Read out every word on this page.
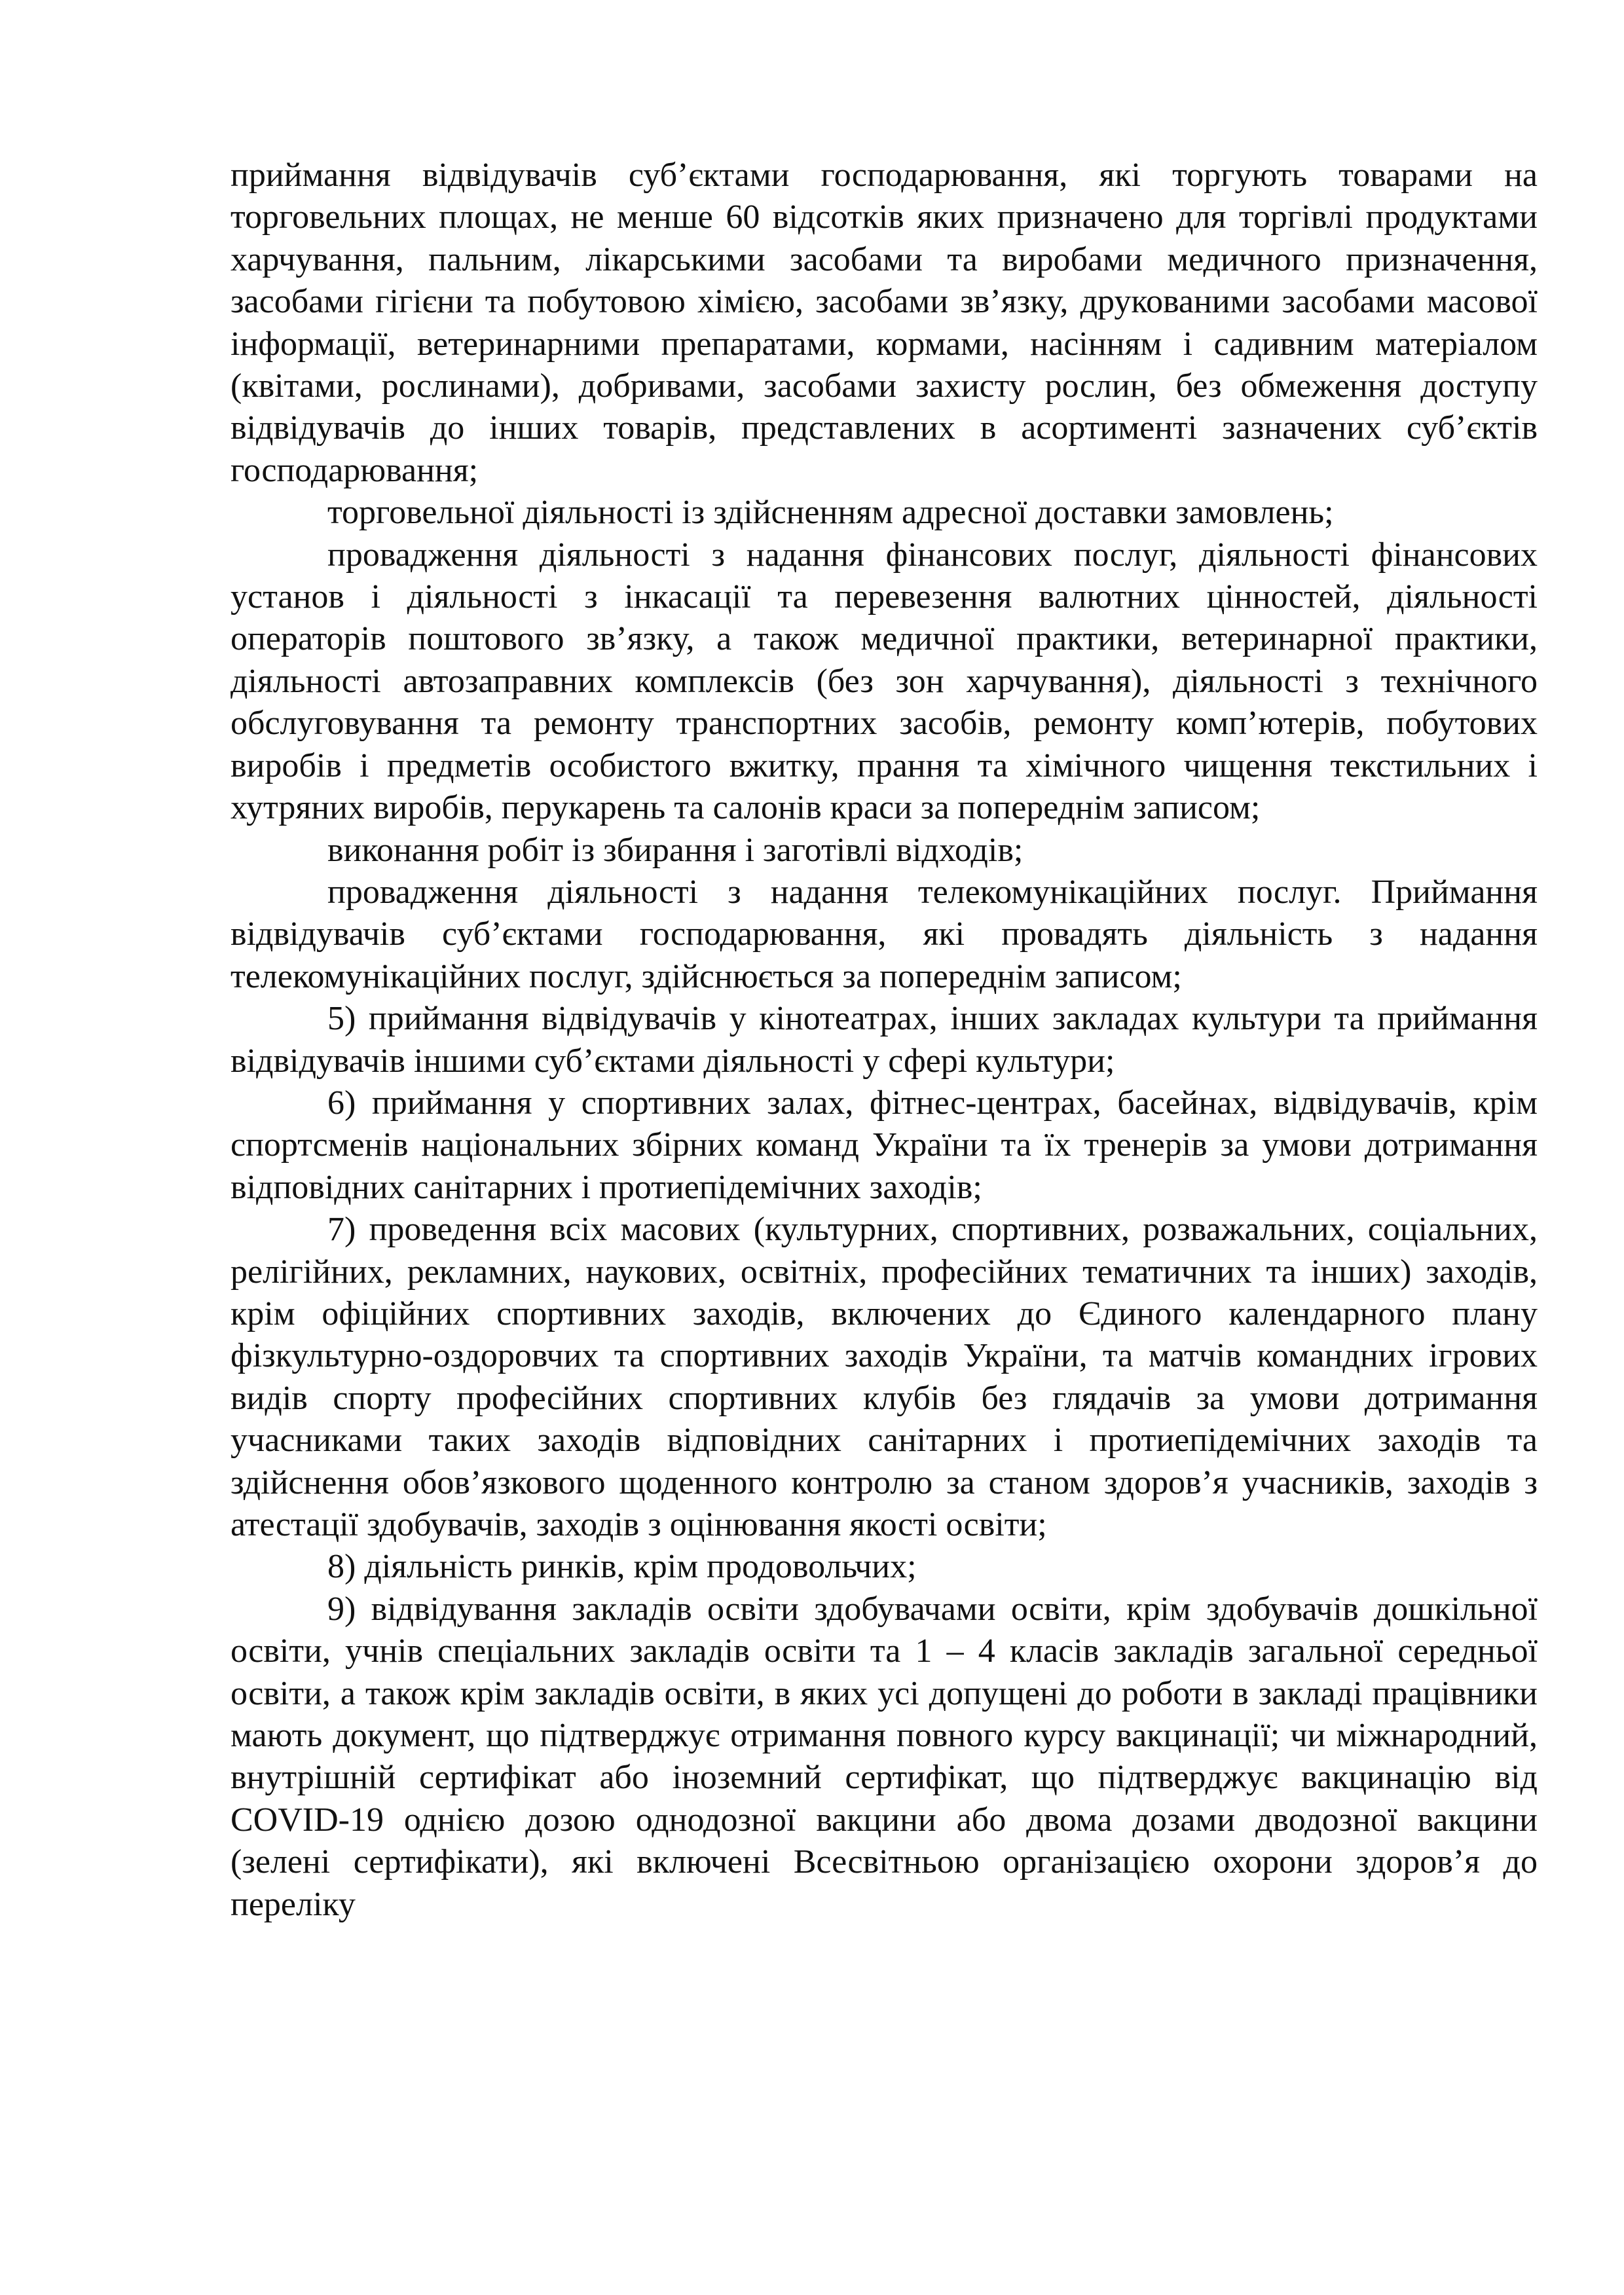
приймання відвідувачів суб’єктами господарювання, які торгують товарами на торговельних площах, не менше 60 відсотків яких призначено для торгівлі продуктами харчування, пальним, лікарськими засобами та виробами медичного призначення, засобами гігієни та побутовою хімією, засобами зв’язку, друкованими засобами масової інформації, ветеринарними препаратами, кормами, насінням і садивним матеріалом (квітами, рослинами), добривами, засобами захисту рослин, без обмеження доступу відвідувачів до інших товарів, представлених в асортименті зазначених суб’єктів господарювання;

торговельної діяльності із здійсненням адресної доставки замовлень;

провадження діяльності з надання фінансових послуг, діяльності фінансових установ і діяльності з інкасації та перевезення валютних цінностей, діяльності операторів поштового зв’язку, а також медичної практики, ветеринарної практики, діяльності автозаправних комплексів (без зон харчування), діяльності з технічного обслуговування та ремонту транспортних засобів, ремонту комп’ютерів, побутових виробів і предметів особистого вжитку, прання та хімічного чищення текстильних і хутряних виробів, перукарень та салонів краси за попереднім записом;

виконання робіт із збирання і заготівлі відходів;

провадження діяльності з надання телекомунікаційних послуг. Приймання відвідувачів суб’єктами господарювання, які провадять діяльність з надання телекомунікаційних послуг, здійснюється за попереднім записом;

5) приймання відвідувачів у кінотеатрах, інших закладах культури та приймання відвідувачів іншими суб’єктами діяльності у сфері культури;

6) приймання у спортивних залах, фітнес-центрах, басейнах, відвідувачів, крім спортсменів національних збірних команд України та їх тренерів за умови дотримання відповідних санітарних і протиепідемічних заходів;

7) проведення всіх масових (культурних, спортивних, розважальних, соціальних, релігійних, рекламних, наукових, освітніх, професійних тематичних та інших) заходів, крім офіційних спортивних заходів, включених до Єдиного календарного плану фізкультурно-оздоровчих та спортивних заходів України, та матчів командних ігрових видів спорту професійних спортивних клубів без глядачів за умови дотримання учасниками таких заходів відповідних санітарних і протиепідемічних заходів та здійснення обов’язкового щоденного контролю за станом здоров’я учасників, заходів з атестації здобувачів, заходів з оцінювання якості освіти;

8) діяльність ринків, крім продовольчих;

9) відвідування закладів освіти здобувачами освіти, крім здобувачів дошкільної освіти, учнів спеціальних закладів освіти та 1 – 4 класів закладів загальної середньої освіти, а також крім закладів освіти, в яких усі допущені до роботи в закладі працівники мають документ, що підтверджує отримання повного курсу вакцинації; чи міжнародний, внутрішній сертифікат або іноземний сертифікат, що підтверджує вакцинацію від COVID-19 однією дозою однодозної вакцини або двома дозами дводозної вакцини (зелені сертифікати), які включені Всесвітньою організацією охорони здоров’я до переліку
